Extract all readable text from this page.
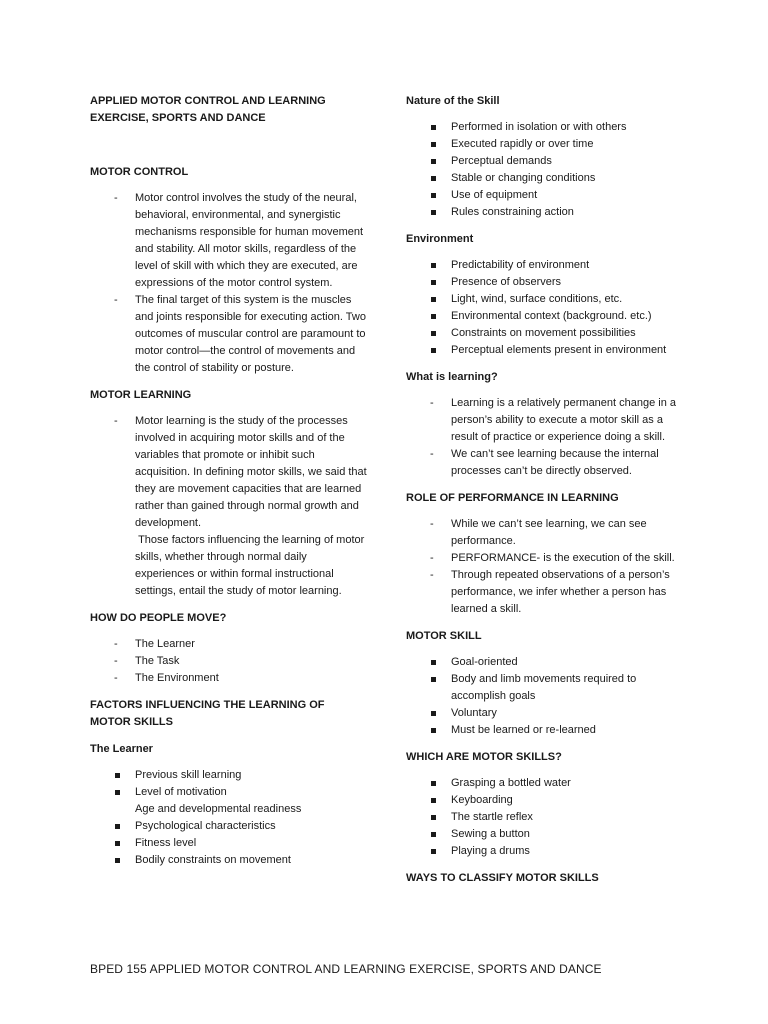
APPLIED MOTOR CONTROL AND LEARNING

EXERCISE, SPORTS AND DANCE

MOTOR CONTROL

- Motor control involves the study of the neural, behavioral, environmental, and synergistic mechanisms responsible for human movement and stability. All motor skills, regardless of the level of skill with which they are executed, are expressions of the motor control system.
- The final target of this system is the muscles and joints responsible for executing action. Two outcomes of muscular control are paramount to motor control—the control of movements and the control of stability or posture.

MOTOR LEARNING

- Motor learning is the study of the processes involved in acquiring motor skills and of the variables that promote or inhibit such acquisition. In defining motor skills, we said that they are movement capacities that are learned rather than gained through normal growth and development.
Those factors influencing the learning of motor skills, whether through normal daily experiences or within formal instructional settings, entail the study of motor learning.

HOW DO PEOPLE MOVE?

- The Learner
- The Task
- The Environment

FACTORS INFLUENCING THE LEARNING OF MOTOR SKILLS

The Learner

Previous skill learning
Level of motivation
Age and developmental readiness
Psychological characteristics
Fitness level
Bodily constraints on movement

Nature of the Skill

Performed in isolation or with others
Executed rapidly or over time
Perceptual demands
Stable or changing conditions
Use of equipment
Rules constraining action

Environment

Predictability of environment
Presence of observers
Light, wind, surface conditions, etc.
Environmental context (background. etc.)
Constraints on movement possibilities
Perceptual elements present in environment

What is learning?

- Learning is a relatively permanent change in a person’s ability to execute a motor skill as a result of practice or experience doing a skill.
- We can’t see learning because the internal processes can’t be directly observed.

ROLE OF PERFORMANCE IN LEARNING

- While we can’t see learning, we can see performance.
- PERFORMANCE- is the execution of the skill.
- Through repeated observations of a person’s performance, we infer whether a person has learned a skill.

MOTOR SKILL

Goal-oriented
Body and limb movements required to accomplish goals
Voluntary
Must be learned or re-learned

WHICH ARE MOTOR SKILLS?

Grasping a bottled water
Keyboarding
The startle reflex
Sewing a button
Playing a drums

WAYS TO CLASSIFY MOTOR SKILLS

BPED 155 APPLIED MOTOR CONTROL AND LEARNING EXERCISE, SPORTS AND DANCE
